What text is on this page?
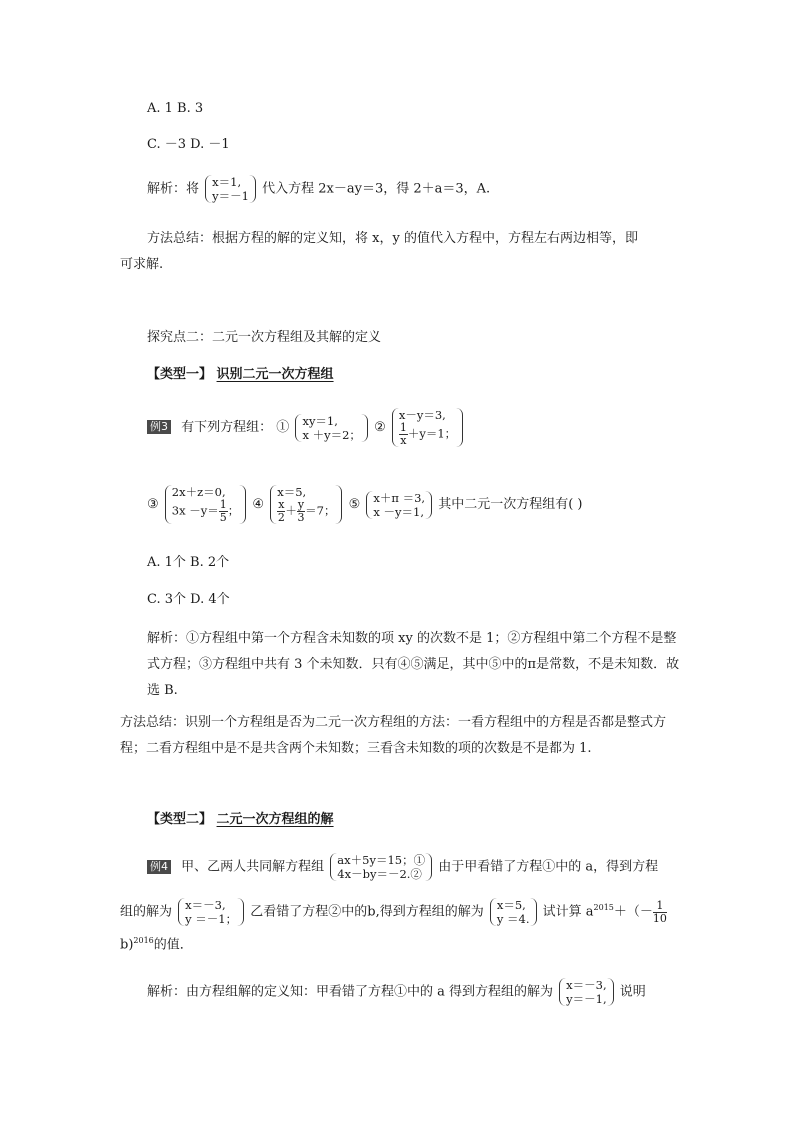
A. 1 B. 3
C. －3 D. －1
解析：将 x＝1,
y＝－1 代入方程 2x－ay＝3，得 2＋a＝3，A.
方法总结：根据方程的解的定义知，将 x，y 的值代入方程中，方程左右两边相等，即
可求解.
探究点二：二元一次方程组及其解的定义
【类型一】 识别二元一次方程组
例3 有下列方程组： ① xy＝1,
x ＋y＝2； ②
x－y＝3,
$\frac{1}{x} +y=1$；
③
2x＋z＝0,
$3x -y= \frac{1}{5}$ ； ④
x＝5,
$\frac{x}{2} + \frac{y}{3} =7$； ⑤ x＋π ＝3,
x －y＝1, 其中二元一次方程组有( )
A. 1个 B. 2个
C. 3个 D. 4个
解析：①方程组中第一个方程含未知数的项 xy 的次数不是 1；②方程组中第二个方程不是整式方程；③方程组中共有 3 个未知数．只有④⑤满足，其中⑤中的π是常数，不是未知数．故选 B.
方法总结：识别一个方程组是否为二元一次方程组的方法：一看方程组中的方程是否都是整式方程；二看方程组中是不是共含两个未知数；三看含未知数的项的次数是不是都为 1.
【类型二】 二元一次方程组的解
例4 甲、乙两人共同解方程组 ax＋5y＝15；①
4x－by＝－2.② 由于甲看错了方程①中的 a，得到方程
组的解为 x＝－3,
y ＝－1； 乙看错了方程②中的b,得到方程组的解为 x＝5,
y ＝4. 试计算 $a^{2015}+(- \frac{1}{10}$
b)$^{2016}$的值．
解析：由方程组解的定义知：甲看错了方程①中的 a 得到方程组的解为 x＝－3,
y＝－1, 说明
